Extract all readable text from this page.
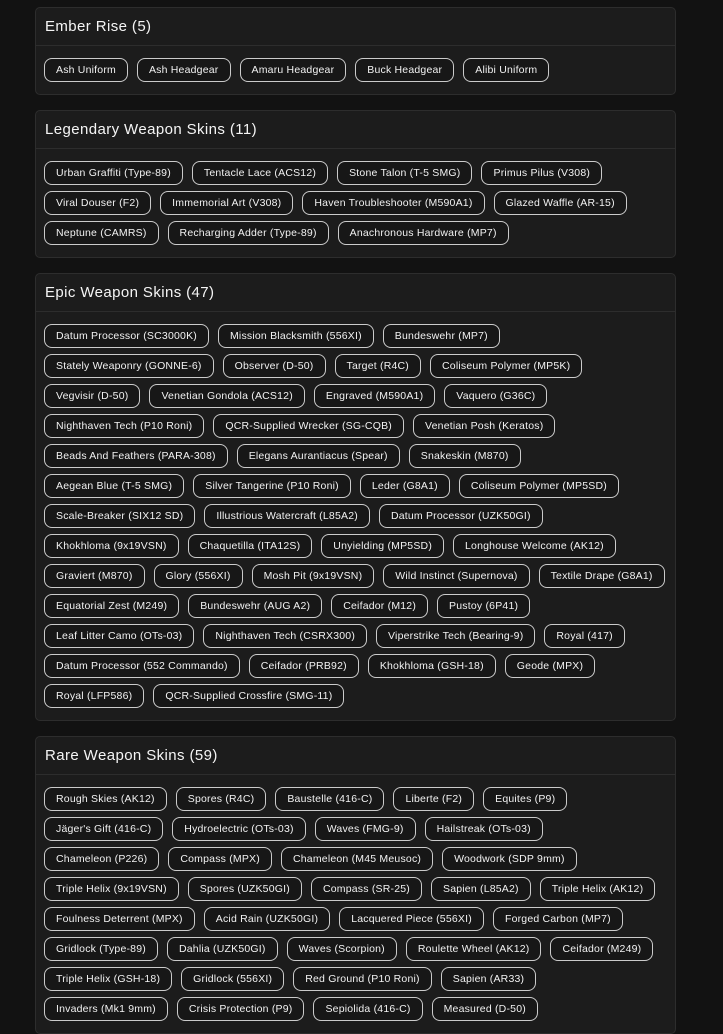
Ember Rise (5)
Ash Uniform	Ash Headgear	Amaru Headgear	Buck Headgear	Alibi Uniform
Legendary Weapon Skins (11)
Urban Graffiti (Type-89)	Tentacle Lace (ACS12)	Stone Talon (T-5 SMG)	Primus Pilus (V308)
Viral Douser (F2)	Immemorial Art (V308)	Haven Troubleshooter (M590A1)	Glazed Waffle (AR-15)
Neptune (CAMRS)	Recharging Adder (Type-89)	Anachronous Hardware (MP7)
Epic Weapon Skins (47)
Datum Processor (SC3000K)	Mission Blacksmith (556XI)	Bundeswehr (MP7)
Stately Weaponry (GONNE-6)	Observer (D-50)	Target (R4C)	Coliseum Polymer (MP5K)
Vegvisir (D-50)	Venetian Gondola (ACS12)	Engraved (M590A1)	Vaquero (G36C)
Nighthaven Tech (P10 Roni)	QCR-Supplied Wrecker (SG-CQB)	Venetian Posh (Keratos)
Beads And Feathers (PARA-308)	Elegans Aurantiacus (Spear)	Snakeskin (M870)
Aegean Blue (T-5 SMG)	Silver Tangerine (P10 Roni)	Leder (G8A1)	Coliseum Polymer (MP5SD)
Scale-Breaker (SIX12 SD)	Illustrious Watercraft (L85A2)	Datum Processor (UZK50GI)
Khokhloma (9x19VSN)	Chaquetilla (ITA12S)	Unyielding (MP5SD)	Longhouse Welcome (AK12)
Graviert (M870)	Glory (556XI)	Mosh Pit (9x19VSN)	Wild Instinct (Supernova)	Textile Drape (G8A1)
Equatorial Zest (M249)	Bundeswehr (AUG A2)	Ceifador (M12)	Pustoy (6P41)
Leaf Litter Camo (OTs-03)	Nighthaven Tech (CSRX300)	Viperstrike Tech (Bearing-9)	Royal (417)
Datum Processor (552 Commando)	Ceifador (PRB92)	Khokhloma (GSH-18)	Geode (MPX)
Royal (LFP586)	QCR-Supplied Crossfire (SMG-11)
Rare Weapon Skins (59)
Rough Skies (AK12)	Spores (R4C)	Baustelle (416-C)	Liberte (F2)	Equites (P9)
Jäger's Gift (416-C)	Hydroelectric (OTs-03)	Waves (FMG-9)	Hailstreak (OTs-03)
Chameleon (P226)	Compass (MPX)	Chameleon (M45 Meusoc)	Woodwork (SDP 9mm)
Triple Helix (9x19VSN)	Spores (UZK50GI)	Compass (SR-25)	Sapien (L85A2)	Triple Helix (AK12)
Foulness Deterrent (MPX)	Acid Rain (UZK50GI)	Lacquered Piece (556XI)	Forged Carbon (MP7)
Gridlock (Type-89)	Dahlia (UZK50GI)	Waves (Scorpion)	Roulette Wheel (AK12)	Ceifador (M249)
Triple Helix (GSH-18)	Gridlock (556XI)	Red Ground (P10 Roni)	Sapien (AR33)
Invaders (Mk1 9mm)	Crisis Protection (P9)	Sepiolida (416-C)	Measured (D-50)
